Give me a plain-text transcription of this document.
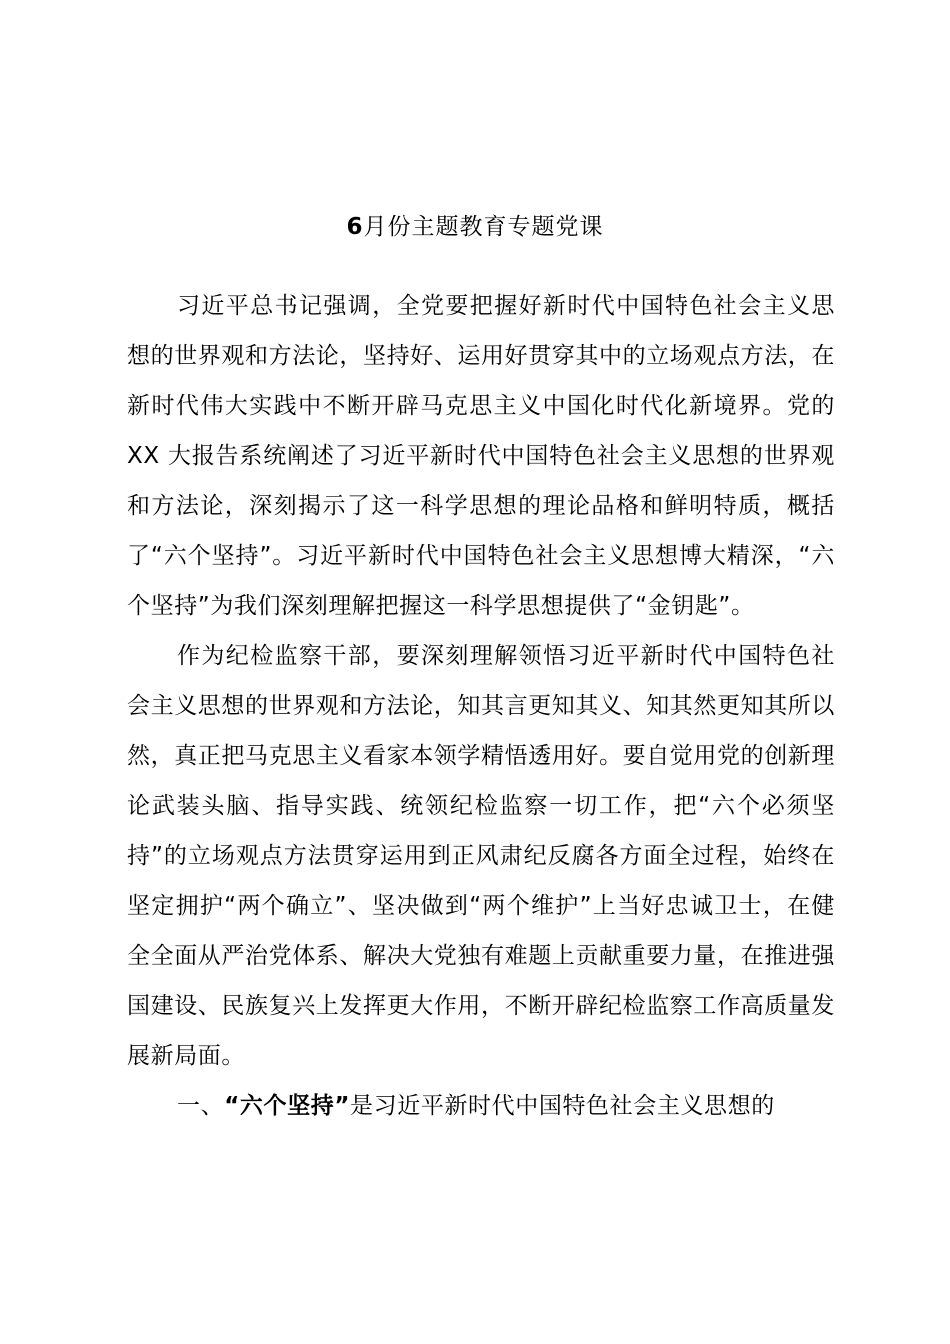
6月份主题教育专题党课

习近平总书记强调，全党要把握好新时代中国特色社会主义思想的世界观和方法论，坚持好、运用好贯穿其中的立场观点方法，在新时代伟大实践中不断开辟马克思主义中国化时代化新境界。党的 XX 大报告系统阐述了习近平新时代中国特色社会主义思想的世界观和方法论，深刻揭示了这一科学思想的理论品格和鲜明特质，概括了“六个坚持”。习近平新时代中国特色社会主义思想博大精深，“六个坚持”为我们深刻理解把握这一科学思想提供了“金钥匙”。

作为纪检监察干部，要深刻理解领悟习近平新时代中国特色社会主义思想的世界观和方法论，知其言更知其义、知其然更知其所以然，真正把马克思主义看家本领学精悟透用好。要自觉用党的创新理论武装头脑、指导实践、统领纪检监察一切工作，把“六个必须坚持”的立场观点方法贯穿运用到正风肃纪反腐各方面全过程，始终在坚定拥护“两个确立”、坚决做到“两个维护”上当好忠诚卫士，在健全全面从严治党体系、解决大党独有难题上贡献重要力量，在推进强国建设、民族复兴上发挥更大作用，不断开辟纪检监察工作高质量发展新局面。

一、“六个坚持”是习近平新时代中国特色社会主义思想的
